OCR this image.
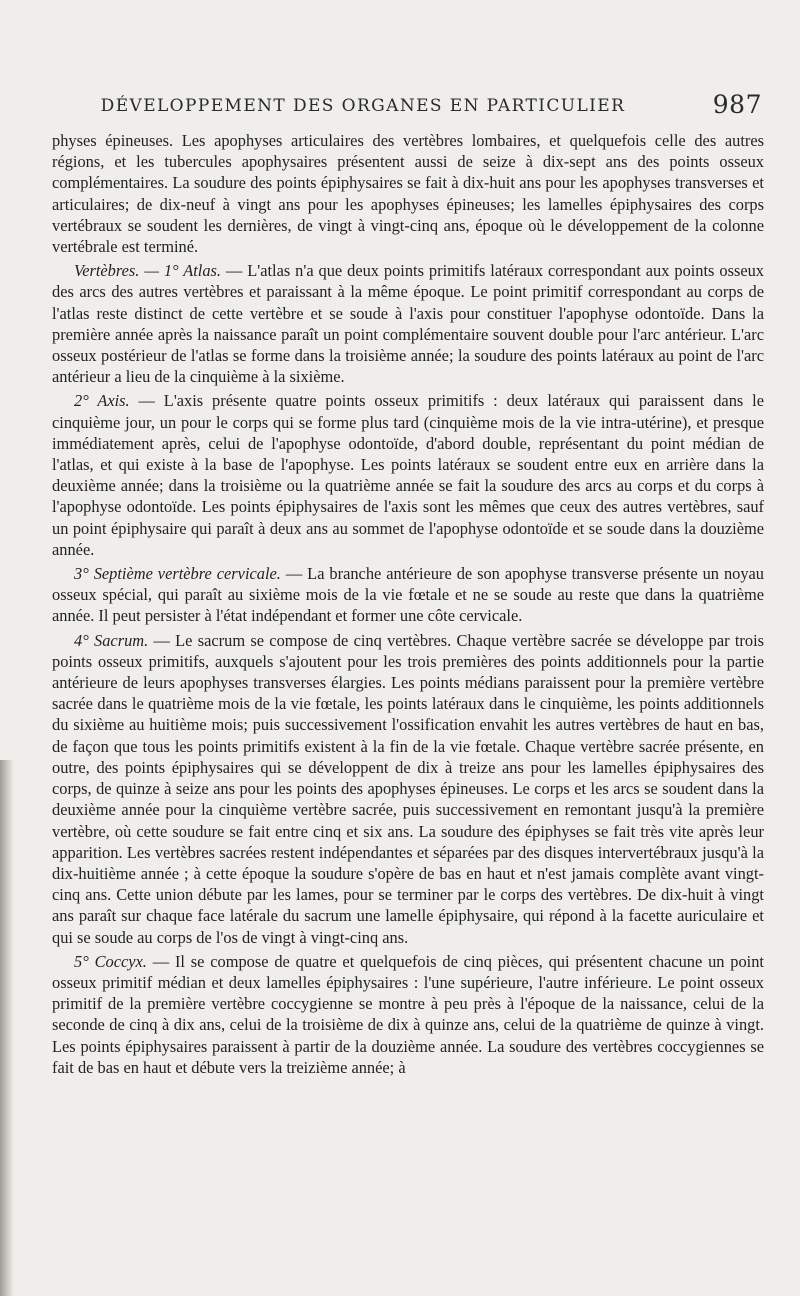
DÉVELOPPEMENT DES ORGANES EN PARTICULIER	987

physes épineuses. Les apophyses articulaires des vertèbres lombaires, et quelquefois celle des autres régions, et les tubercules apophysaires présentent aussi de seize à dix-sept ans des points osseux complémentaires. La soudure des points épiphysaires se fait à dix-huit ans pour les apophyses transverses et articulaires; de dix-neuf à vingt ans pour les apophyses épineuses; les lamelles épiphysaires des corps vertébraux se soudent les dernières, de vingt à vingt-cinq ans, époque où le développement de la colonne vertébrale est terminé.

Vertèbres. — 1° Atlas. — L'atlas n'a que deux points primitifs latéraux correspondant aux points osseux des arcs des autres vertèbres et paraissant à la même époque. Le point primitif correspondant au corps de l'atlas reste distinct de cette vertèbre et se soude à l'axis pour constituer l'apophyse odontoïde. Dans la première année après la naissance paraît un point complémentaire souvent double pour l'arc antérieur. L'arc osseux postérieur de l'atlas se forme dans la troisième année; la soudure des points latéraux au point de l'arc antérieur a lieu de la cinquième à la sixième.

2° Axis. — L'axis présente quatre points osseux primitifs : deux latéraux qui paraissent dans le cinquième jour, un pour le corps qui se forme plus tard (cinquième mois de la vie intra-utérine), et presque immédiatement après, celui de l'apophyse odontoïde, d'abord double, représentant du point médian de l'atlas, et qui existe à la base de l'apophyse. Les points latéraux se soudent entre eux en arrière dans la deuxième année; dans la troisième ou la quatrième année se fait la soudure des arcs au corps et du corps à l'apophyse odontoïde. Les points épiphysaires de l'axis sont les mêmes que ceux des autres vertèbres, sauf un point épiphysaire qui paraît à deux ans au sommet de l'apophyse odontoïde et se soude dans la douzième année.

3° Septième vertèbre cervicale. — La branche antérieure de son apophyse transverse présente un noyau osseux spécial, qui paraît au sixième mois de la vie fœtale et ne se soude au reste que dans la quatrième année. Il peut persister à l'état indépendant et former une côte cervicale.

4° Sacrum. — Le sacrum se compose de cinq vertèbres. Chaque vertèbre sacrée se développe par trois points osseux primitifs, auxquels s'ajoutent pour les trois premières des points additionnels pour la partie antérieure de leurs apophyses transverses élargies. Les points médians paraissent pour la première vertèbre sacrée dans le quatrième mois de la vie fœtale, les points latéraux dans le cinquième, les points additionnels du sixième au huitième mois; puis successivement l'ossification envahit les autres vertèbres de haut en bas, de façon que tous les points primitifs existent à la fin de la vie fœtale. Chaque vertèbre sacrée présente, en outre, des points épiphysaires qui se développent de dix à treize ans pour les lamelles épiphysaires des corps, de quinze à seize ans pour les points des apophyses épineuses. Le corps et les arcs se soudent dans la deuxième année pour la cinquième vertèbre sacrée, puis successivement en remontant jusqu'à la première vertèbre, où cette soudure se fait entre cinq et six ans. La soudure des épiphyses se fait très vite après leur apparition. Les vertèbres sacrées restent indépendantes et séparées par des disques intervertébraux jusqu'à la dix-huitième année ; à cette époque la soudure s'opère de bas en haut et n'est jamais complète avant vingt-cinq ans. Cette union débute par les lames, pour se terminer par le corps des vertèbres. De dix-huit à vingt ans paraît sur chaque face latérale du sacrum une lamelle épiphysaire, qui répond à la facette auriculaire et qui se soude au corps de l'os de vingt à vingt-cinq ans.

5° Coccyx. — Il se compose de quatre et quelquefois de cinq pièces, qui présentent chacune un point osseux primitif médian et deux lamelles épiphysaires : l'une supérieure, l'autre inférieure. Le point osseux primitif de la première vertèbre coccygienne se montre à peu près à l'époque de la naissance, celui de la seconde de cinq à dix ans, celui de la troisième de dix à quinze ans, celui de la quatrième de quinze à vingt. Les points épiphysaires paraissent à partir de la douzième année. La soudure des vertèbres coccygiennes se fait de bas en haut et débute vers la treizième année; à
